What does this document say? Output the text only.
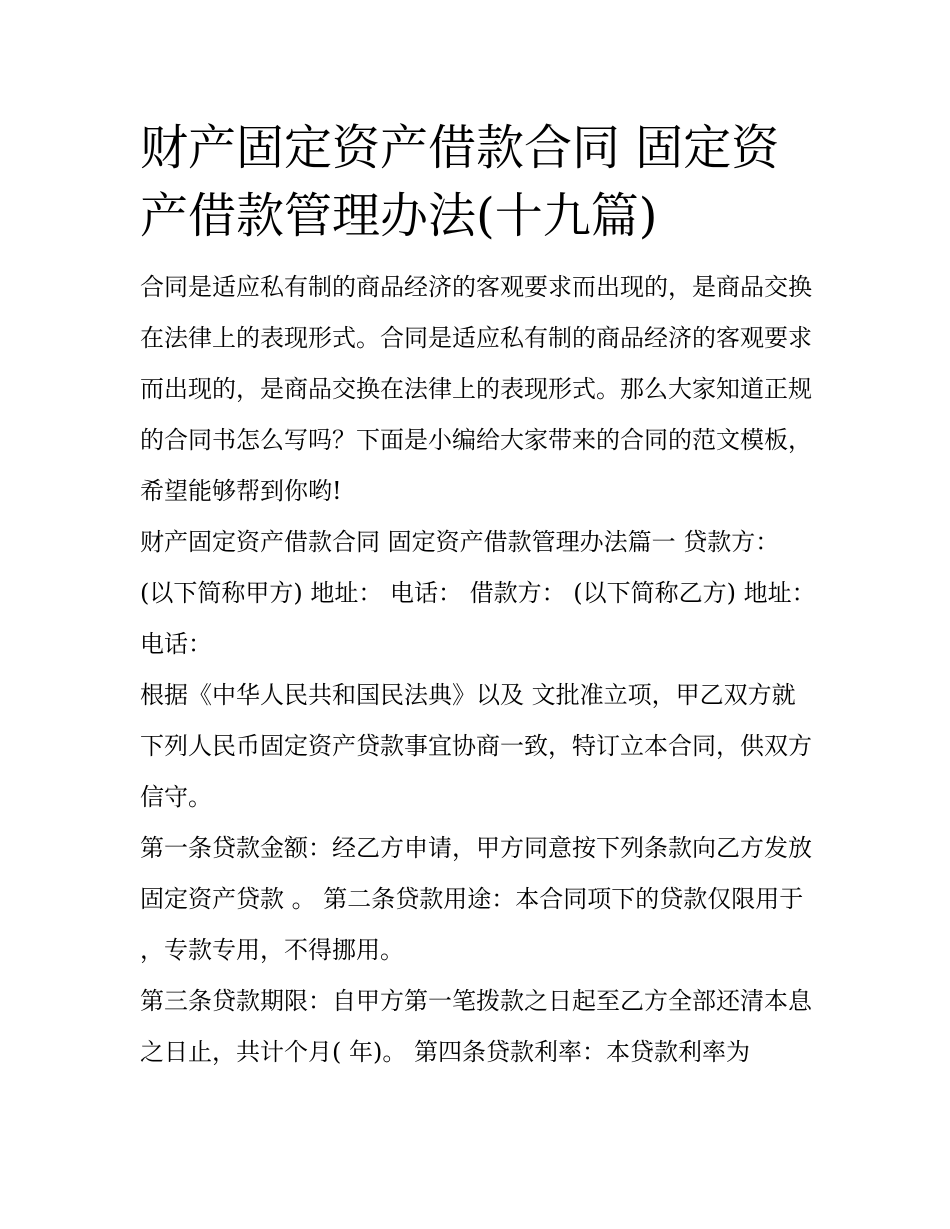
财产固定资产借款合同 固定资产借款管理办法(十九篇)

合同是适应私有制的商品经济的客观要求而出现的，是商品交换在法律上的表现形式。合同是适应私有制的商品经济的客观要求而出现的，是商品交换在法律上的表现形式。那么大家知道正规的合同书怎么写吗？下面是小编给大家带来的合同的范文模板，希望能够帮到你哟!

财产固定资产借款合同 固定资产借款管理办法篇一 贷款方： (以下简称甲方) 地址： 电话： 借款方： (以下简称乙方) 地址： 电话：

根据《中华人民共和国民法典》以及 文批准立项，甲乙双方就下列人民币固定资产贷款事宜协商一致，特订立本合同，供双方信守。

第一条贷款金额：经乙方申请，甲方同意按下列条款向乙方发放固定资产贷款 。 第二条贷款用途：本合同项下的贷款仅限用于 ，专款专用，不得挪用。

第三条贷款期限：自甲方第一笔拨款之日起至乙方全部还清本息之日止，共计个月( 年)。 第四条贷款利率：本贷款利率为
